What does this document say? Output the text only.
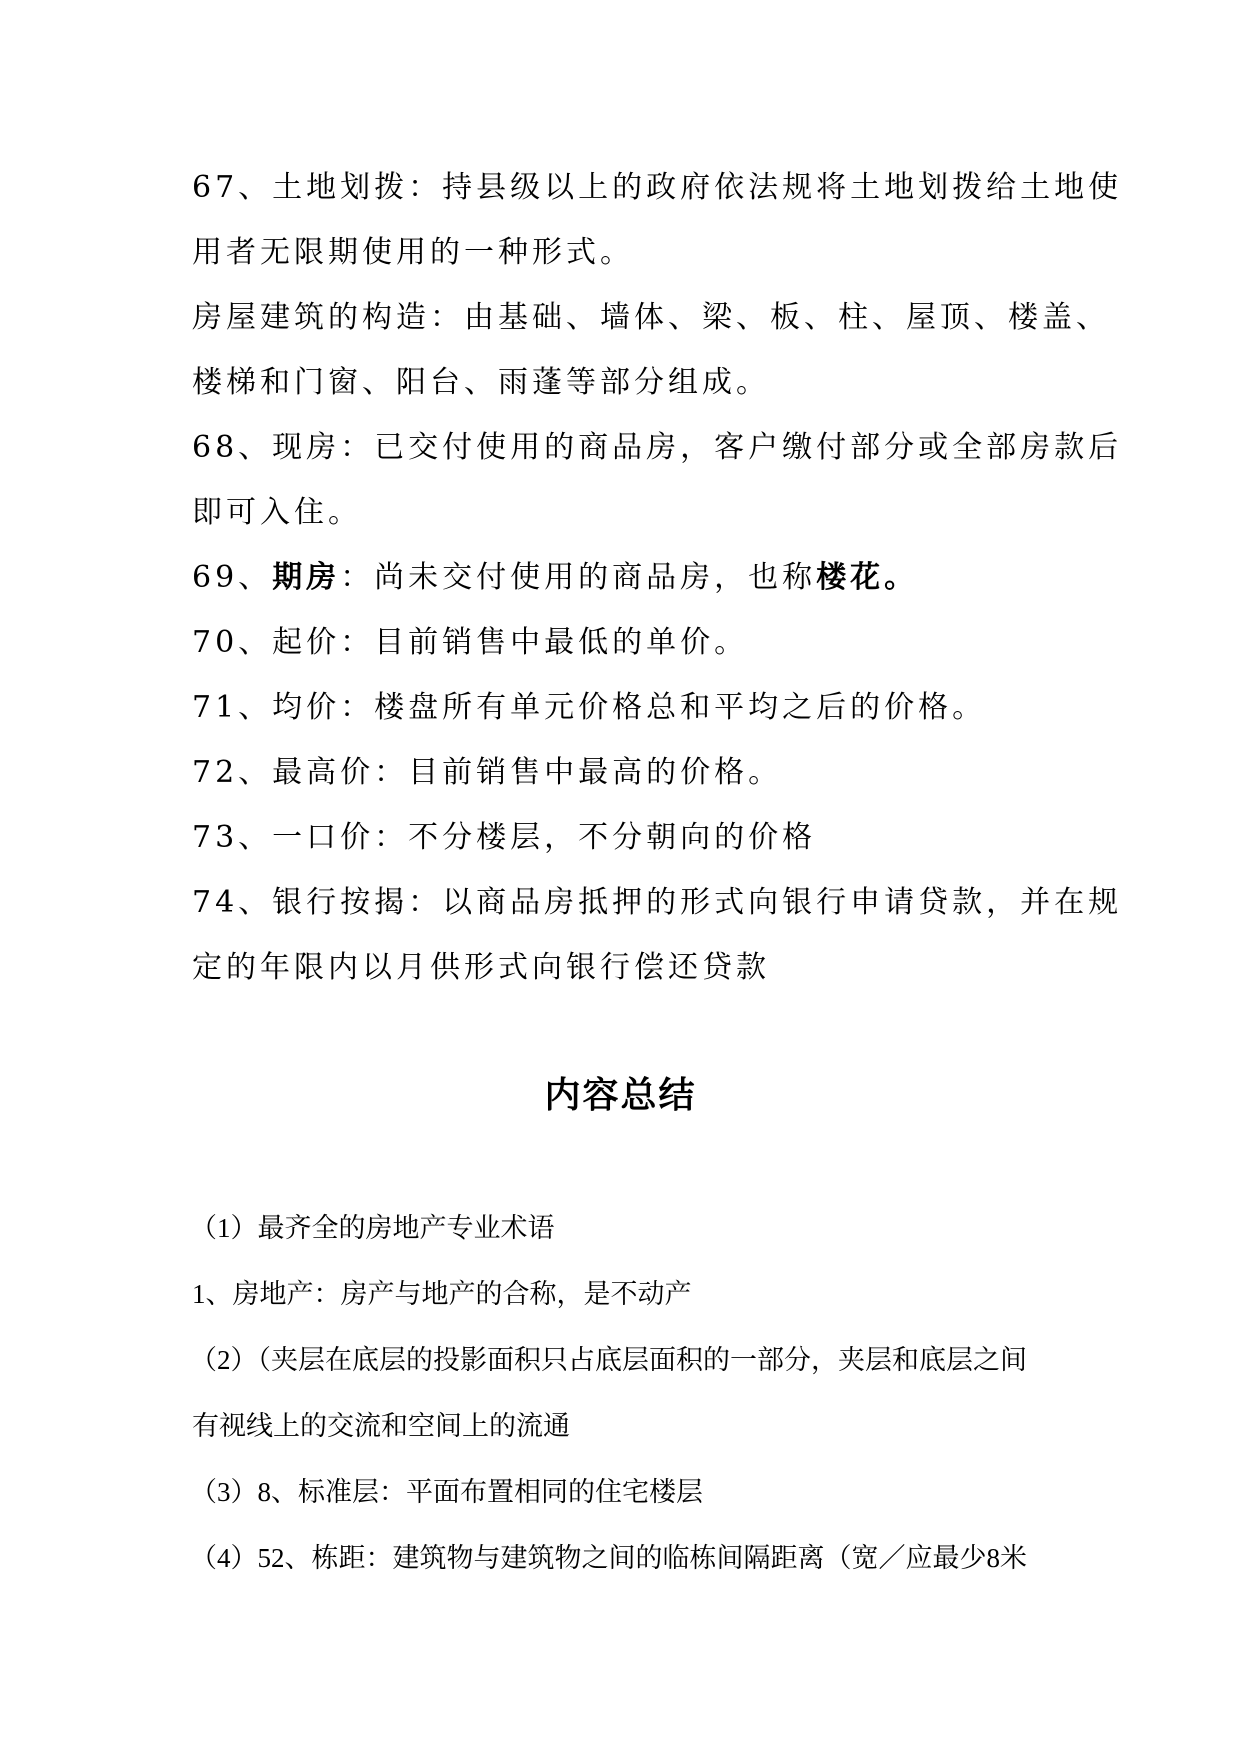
67、土地划拨：持县级以上的政府依法规将土地划拨给土地使
用者无限期使用的一种形式。
房屋建筑的构造：由基础、墙体、梁、板、柱、屋顶、楼盖、
楼梯和门窗、阳台、雨蓬等部分组成。
68、现房：已交付使用的商品房，客户缴付部分或全部房款后
即可入住。
69、期房：尚未交付使用的商品房，也称楼花。
70、起价：目前销售中最低的单价。
71、均价：楼盘所有单元价格总和平均之后的价格。
72、最高价：目前销售中最高的价格。
73、一口价：不分楼层，不分朝向的价格
74、银行按揭：以商品房抵押的形式向银行申请贷款，并在规
定的年限内以月供形式向银行偿还贷款
内容总结
（1）最齐全的房地产专业术语
1、房地产：房产与地产的合称，是不动产
（2）（夹层在底层的投影面积只占底层面积的一部分，夹层和底层之间
有视线上的交流和空间上的流通
（3）8、标准层：平面布置相同的住宅楼层
（4）52、栋距：建筑物与建筑物之间的临栋间隔距离（宽／应最少8米
